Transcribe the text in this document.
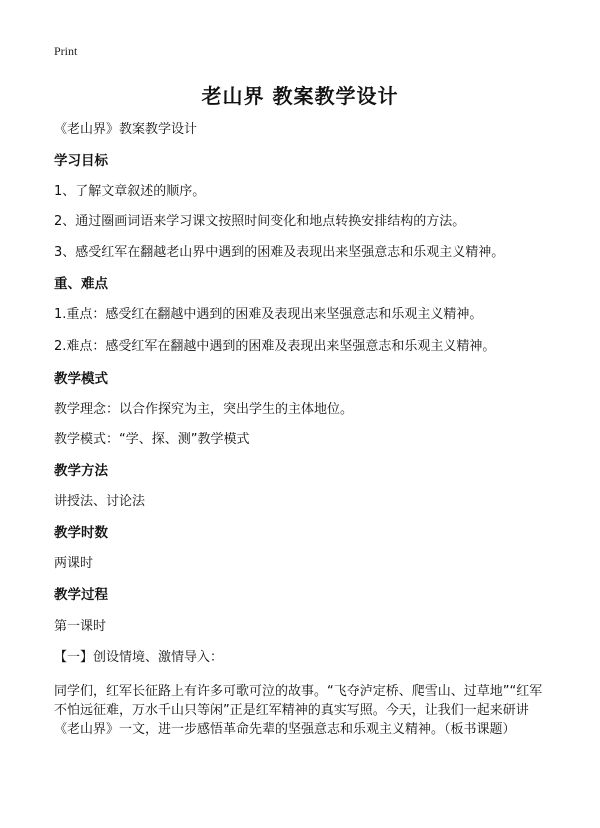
Print
老山界 教案教学设计

《老山界》教案教学设计

学习目标

1、了解文章叙述的顺序。

2、通过圈画词语来学习课文按照时间变化和地点转换安排结构的方法。

3、感受红军在翻越老山界中遇到的困难及表现出来坚强意志和乐观主义精神。

重、难点

1.重点：感受红在翻越中遇到的困难及表现出来坚强意志和乐观主义精神。

2.难点：感受红军在翻越中遇到的困难及表现出来坚强意志和乐观主义精神。

教学模式

教学理念：以合作探究为主，突出学生的主体地位。

教学模式：“学、探、测”教学模式

教学方法

讲授法、讨论法

教学时数

两课时

教学过程

第一课时

【一】创设情境、激情导入：

同学们，红军长征路上有许多可歌可泣的故事。“飞夺泸定桥、爬雪山、过草地”“红军不怕远征难，万水千山只等闲”正是红军精神的真实写照。今天，让我们一起来研讲《老山界》一文，进一步感悟革命先辈的坚强意志和乐观主义精神。（板书课题）
